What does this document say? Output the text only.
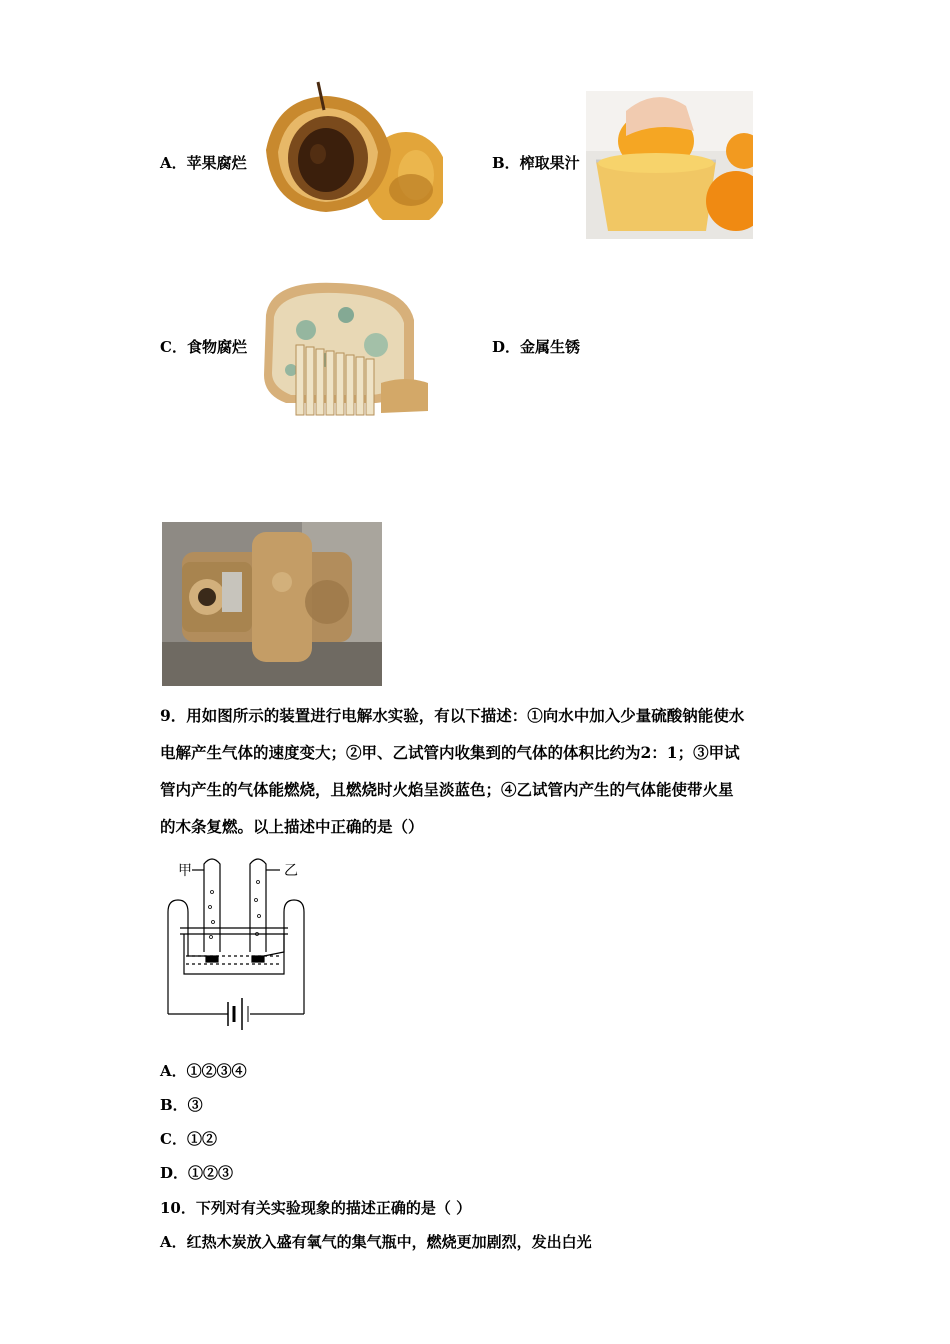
A．苹果腐烂	B．榨取果汁
C．食物腐烂	D．金属生锈
9．用如图所示的装置进行电解水实验，有以下描述：①向水中加入少量硫酸钠能使水
电解产生气体的速度变大；②甲、乙试管内收集到的气体的体积比约为2：1；③甲试
管内产生的气体能燃烧，且燃烧时火焰呈淡蓝色；④乙试管内产生的气体能使带火星
的木条复燃。以上描述中正确的是（）
甲	乙
A．①②③④
B．③
C．①②
D．①②③
10．下列对有关实验现象的描述正确的是（ ）
A．红热木炭放入盛有氧气的集气瓶中，燃烧更加剧烈，发出白光
